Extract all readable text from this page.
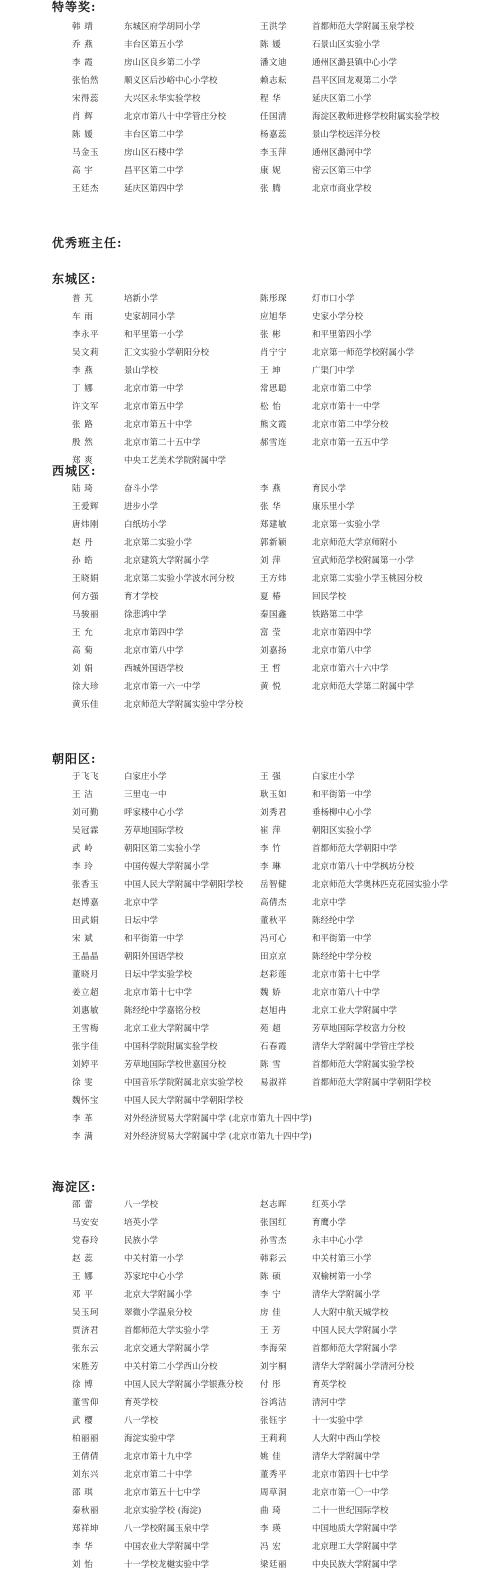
特等奖:
韩 靖	东城区府学胡同小学	王洪学	首都师范大学附属玉泉学校
乔 燕	丰台区第五小学	陈 媛	石景山区实验小学
李 霞	房山区良乡第二小学	潘文迪	通州区潞县镇中心小学
张怡然	顺义区后沙峪中心小学校	赖志耘	昌平区回龙观第二小学
宋得蕊	大兴区永华实验学校	程 华	延庆区第二小学
肖 辉	北京市第八十中学管庄分校	任国清	海淀区教师进修学校附属实验学校
陈 媛	丰台区第二中学	杨嘉蕊	景山学校远洋分校
马金玉	房山区石楼中学	李玉萍	通州区潞河中学
高 宇	昌平区第二中学	康 妮	密云区第三中学
王廷杰	延庆区第四中学	张 腾	北京市商业学校
优秀班主任:
东城区:
普 艽	培新小学	陈彤琛	灯市口小学
车 雨	史家胡同小学	应旭华	史家小学分校
李永平	和平里第一小学	张 彬	和平里第四小学
吴文莉	汇文实验小学朝阳分校	肖宁宁	北京第一师范学校附属小学
李 燕	景山学校	王 坤	广渠门中学
丁 娜	北京市第一中学	常思聪	北京市第二中学
许文军	北京市第五中学	松 怡	北京市第十一中学
张 路	北京市第五十中学	熊文霞	北京市第二中学分校
殷 然	北京市第二十五中学	郝雪连	北京市第一五五中学
郑 爽	中央工艺美术学院附属中学
西城区:
陆 琦	奋斗小学	李 燕	育民小学
王爱辉	进步小学	张 华	康乐里小学
唐炜刚	白纸坊小学	郑建敏	北京第一实验小学
赵 丹	北京第二实验小学	郭新颖	北京师范大学京师附小
孙 皓	北京建筑大学附属小学	刘 萍	宣武师范学校附属第一小学
王晓娟	北京第二实验小学波水河分校	王方炜	北京第二实验小学玉桃园分校
何方强	育才学校	夏 椿	回民学校
马骏丽	徐悲鸿中学	秦国鑫	铁路第二中学
王 允	北京市第四中学	富 莹	北京市第四中学
高 菊	北京市第八中学	刘嘉扬	北京市第八中学
刘 娟	西城外国语学校	王 哲	北京市第六十六中学
徐大珍	北京市第一六一中学	黄 悦	北京师范大学第二附属中学
黄乐佳	北京师范大学附属实验中学分校
朝阳区:
于飞飞	白家庄小学	王 强	白家庄小学
王 洁	三里屯一中	耿玉如	和平街第一中学
刘可勤	呼家楼中心小学	刘秀君	垂杨柳中心小学
吴冠霖	芳草地国际学校	崔 萍	朝阳区实验小学
武 岭	朝阳区第二实验小学	李 竹	首都师范大学朝阳中学
李 玲	中国传媒大学附属小学	李 琳	北京市第八十中学枫坊分校
张香玉	中国人民大学附属中学朝阳学校	岳智健	北京师范大学奥林匹克花园实验小学
赵博嘉	北京中学	高倩杰	北京中学
田武娟	日坛中学	董秋平	陈经纶中学
宋 斌	和平街第一中学	冯可心	和平街第一中学
王晶晶	朝阳外国语学校	田京京	陈经纶中学分校
董晓月	日坛中学实验学校	赵彩莲	北京市第十七中学
姜立超	北京市第十七中学	魏 娇	北京市第八十中学
刘惠敏	陈经纶中学嘉铭分校	赵旭冉	北京工业大学附属中学
王雪梅	北京工业大学附属中学	苑 超	芳草地国际学校富力分校
张宇佳	中国科学院附属实验学校	石春霞	清华大学附属中学管庄学校
刘婷平	芳草地国际学校世嘉国分校	陈 雪	首都师范大学附属实验学校
徐 雯	中国音乐学院附属北京实验学校	易淑祥	首都师范大学附属中学朝阳学校
魏怀宝	中国人民大学附属中学朝阳学校
李 革	对外经济贸易大学附属中学 (北京市第九十四中学)
李 满	对外经济贸易大学附属中学 (北京市第九十四中学)
海淀区:
邵 蕾	八一学校	赵志晖	红英小学
马安安	培英小学	张国红	育鹰小学
党春玲	民族小学	孙雪杰	永丰中心小学
赵 蕊	中关村第一小学	韩彩云	中关村第三小学
王 娜	苏家坨中心小学	陈 硕	双榆树第一小学
邓 平	北京大学附属小学	李 宁	清华大学附属小学
吴玉珂	翠微小学温泉分校	房 佳	人大附中航天城学校
贾济君	首都师范大学实验小学	王 芳	中国人民大学附属小学
张东云	北京交通大学附属小学	李海荣	首都师范大学附属小学
宋胜芳	中关村第二小学西山分校	刘宇桐	清华大学附属小学清河分校
徐 博	中国人民大学附属小学银燕分校	付 彤	育英学校
董雪仰	育英学校	谷鸿洁	清河中学
武 樱	八一学校	张钰宇	十一实验中学
柏丽丽	海淀实验中学	王莉莉	人大附中西山学校
王倩倩	北京市第十九中学	姚 佳	清华大学附属中学
刘东兴	北京市第二十中学	董秀平	北京市第四十七中学
邵 琪	北京市第五十七中学	周草洞	北京市第一〇一中学
秦秋丽	北京实验学校 (海淀)	曲 琦	二十一世纪国际学校
郑祥坤	八一学校附属玉泉中学	李 瑛	中国地质大学附属中学
李 华	中国农业大学附属中学	冯 宏	北京理工大学附属中学
刘 怡	十一学校龙樾实验中学	梁廷丽	中央民族大学附属中学
